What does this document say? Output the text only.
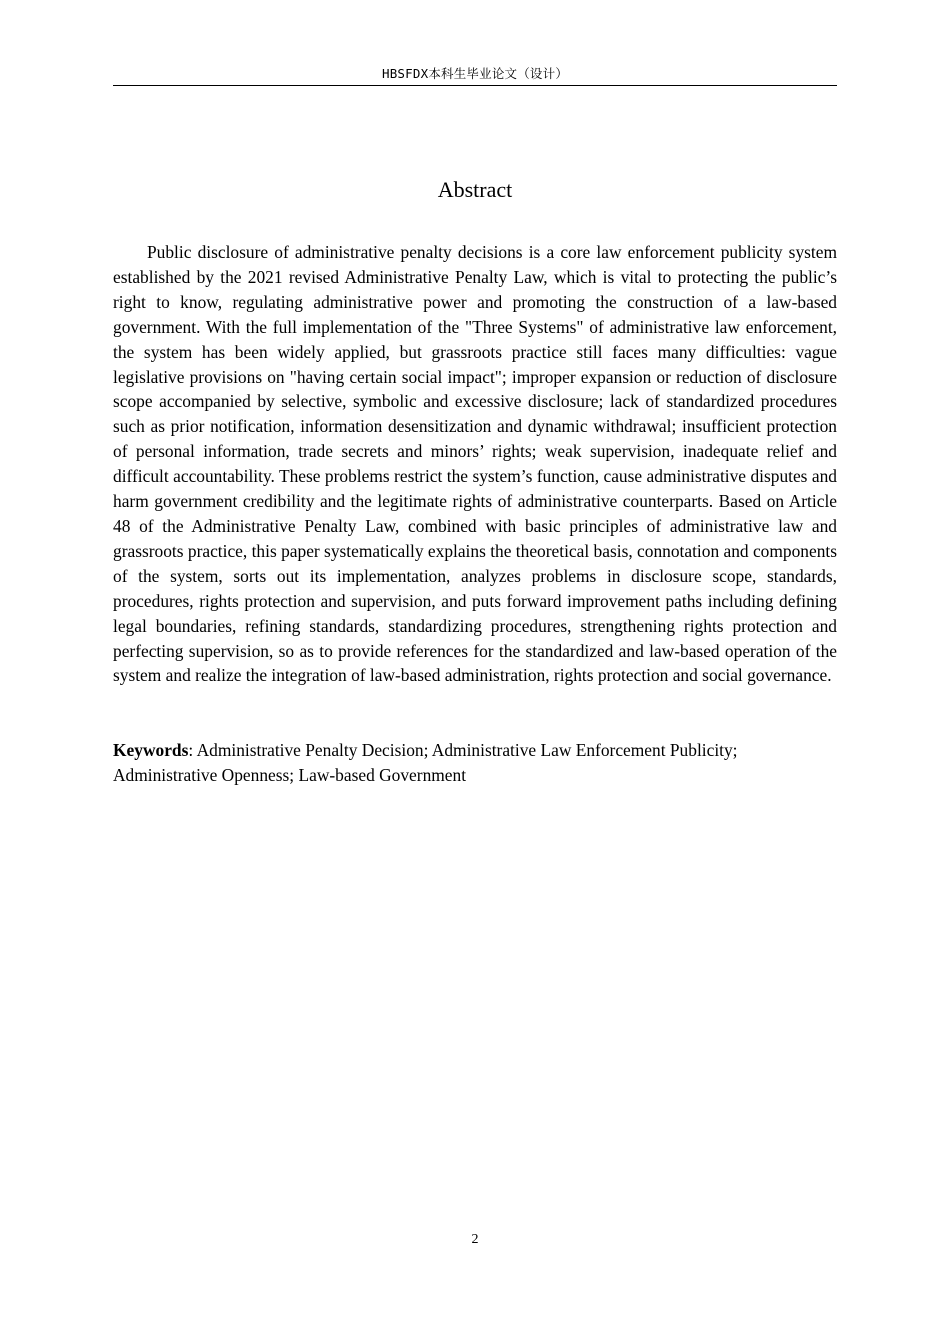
HBSFDX本科生毕业论文（设计）
Abstract

Public disclosure of administrative penalty decisions is a core law enforcement publicity system established by the 2021 revised Administrative Penalty Law, which is vital to protecting the public’s right to know, regulating administrative power and promoting the construction of a law-based government. With the full implementation of the "Three Systems" of administrative law enforcement, the system has been widely applied, but grassroots practice still faces many difficulties: vague legislative provisions on "having certain social impact"; improper expansion or reduction of disclosure scope accompanied by selective, symbolic and excessive disclosure; lack of standardized procedures such as prior notification, information desensitization and dynamic withdrawal; insufficient protection of personal information, trade secrets and minors’ rights; weak supervision, inadequate relief and difficult accountability. These problems restrict the system’s function, cause administrative disputes and harm government credibility and the legitimate rights of administrative counterparts. Based on Article 48 of the Administrative Penalty Law, combined with basic principles of administrative law and grassroots practice, this paper systematically explains the theoretical basis, connotation and components of the system, sorts out its implementation, analyzes problems in disclosure scope, standards, procedures, rights protection and supervision, and puts forward improvement paths including defining legal boundaries, refining standards, standardizing procedures, strengthening rights protection and perfecting supervision, so as to provide references for the standardized and law-based operation of the system and realize the integration of law-based administration, rights protection and social governance.

Keywords: Administrative Penalty Decision; Administrative Law Enforcement Publicity; Administrative Openness; Law-based Government

2
